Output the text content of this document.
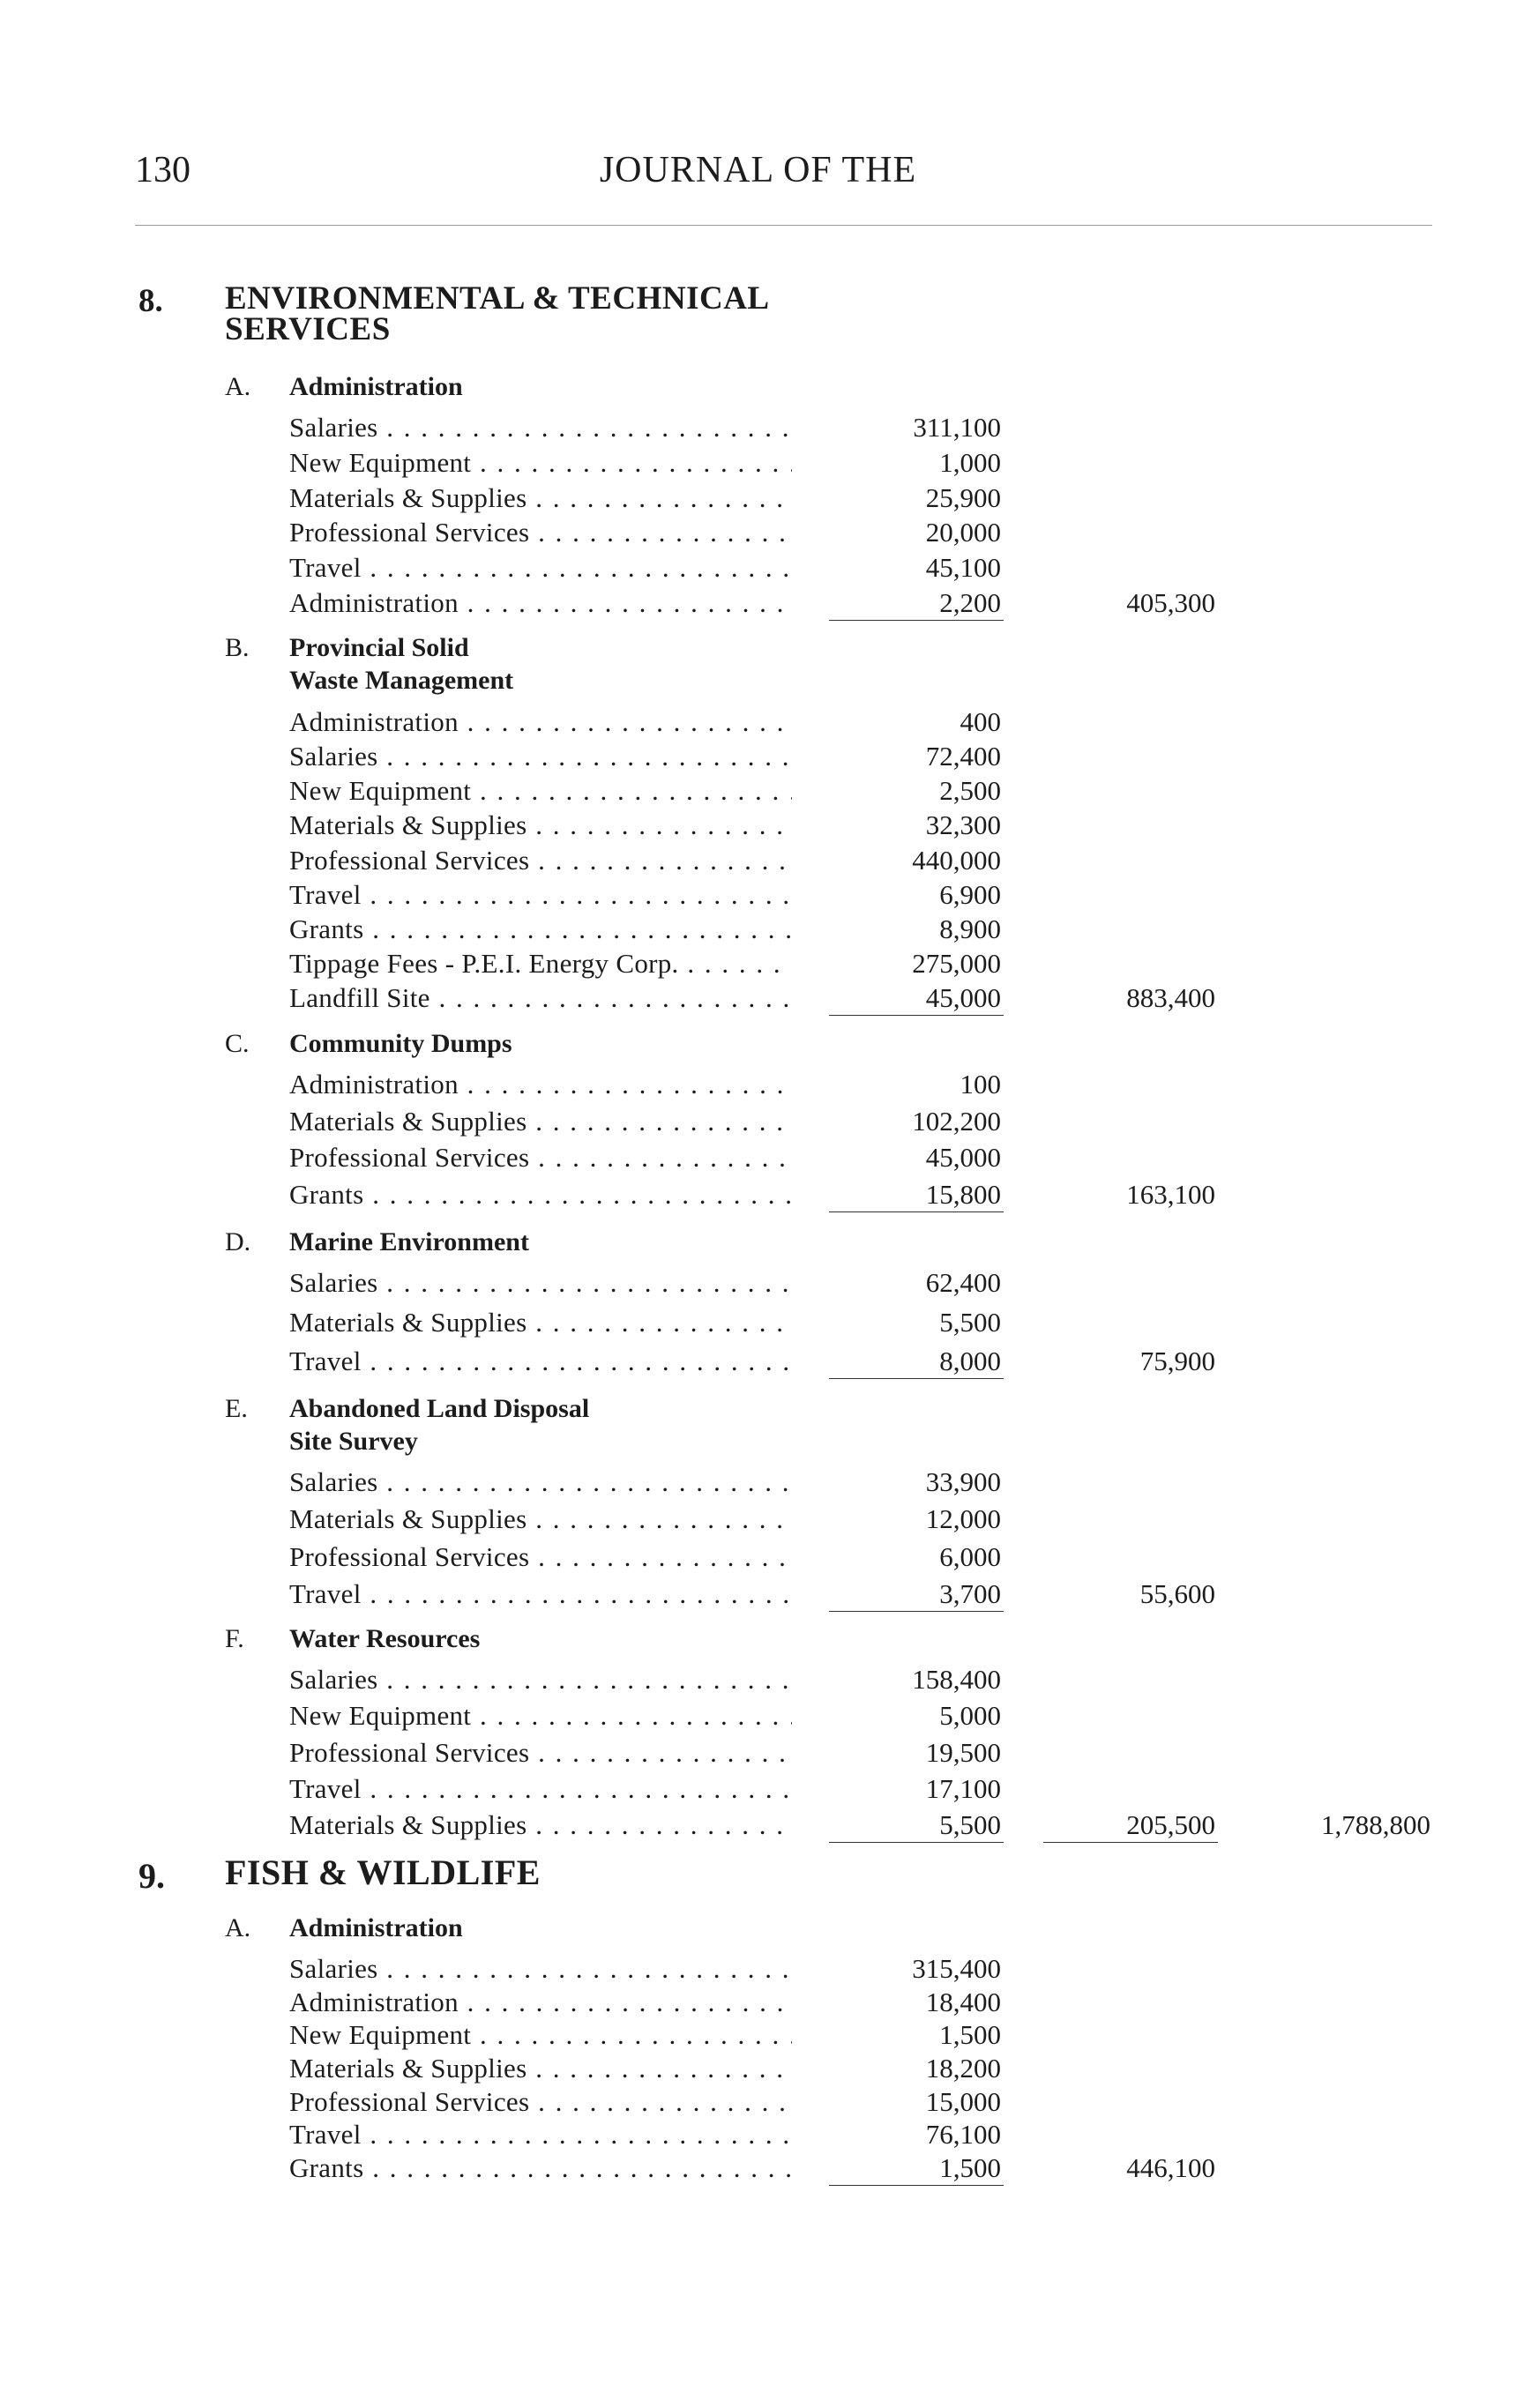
130	JOURNAL OF THE
8. ENVIRONMENTAL & TECHNICAL
SERVICES
A. Administration
Salaries . . .	311,100
New Equipment . . .	1,000
Materials & Supplies . . .	25,900
Professional Services . . .	20,000
Travel . . .	45,100
Administration . . .	2,200	405,300
B. Provincial Solid
Waste Management
Administration . . .	400
Salaries . . .	72,400
New Equipment . . .	2,500
Materials & Supplies . . .	32,300
Professional Services . . .	440,000
Travel . . .	6,900
Grants . . .	8,900
Tippage Fees - P.E.I. Energy Corp. . . .	275,000
Landfill Site . . .	45,000	883,400
C. Community Dumps
Administration . . .	100
Materials & Supplies . . .	102,200
Professional Services . . .	45,000
Grants . . .	15,800	163,100
D. Marine Environment
Salaries . . .	62,400
Materials & Supplies . . .	5,500
Travel . . .	8,000	75,900
E. Abandoned Land Disposal
Site Survey
Salaries . . .	33,900
Materials & Supplies . . .	12,000
Professional Services . . .	6,000
Travel . . .	3,700	55,600
F. Water Resources
Salaries . . .	158,400
New Equipment . . .	5,000
Professional Services . . .	19,500
Travel . . .	17,100
Materials & Supplies . . .	5,500	205,500	1,788,800
9. FISH & WILDLIFE
A. Administration
Salaries . . .	315,400
Administration . . .	18,400
New Equipment . . .	1,500
Materials & Supplies . . .	18,200
Professional Services . . .	15,000
Travel . . .	76,100
Grants . . .	1,500	446,100
